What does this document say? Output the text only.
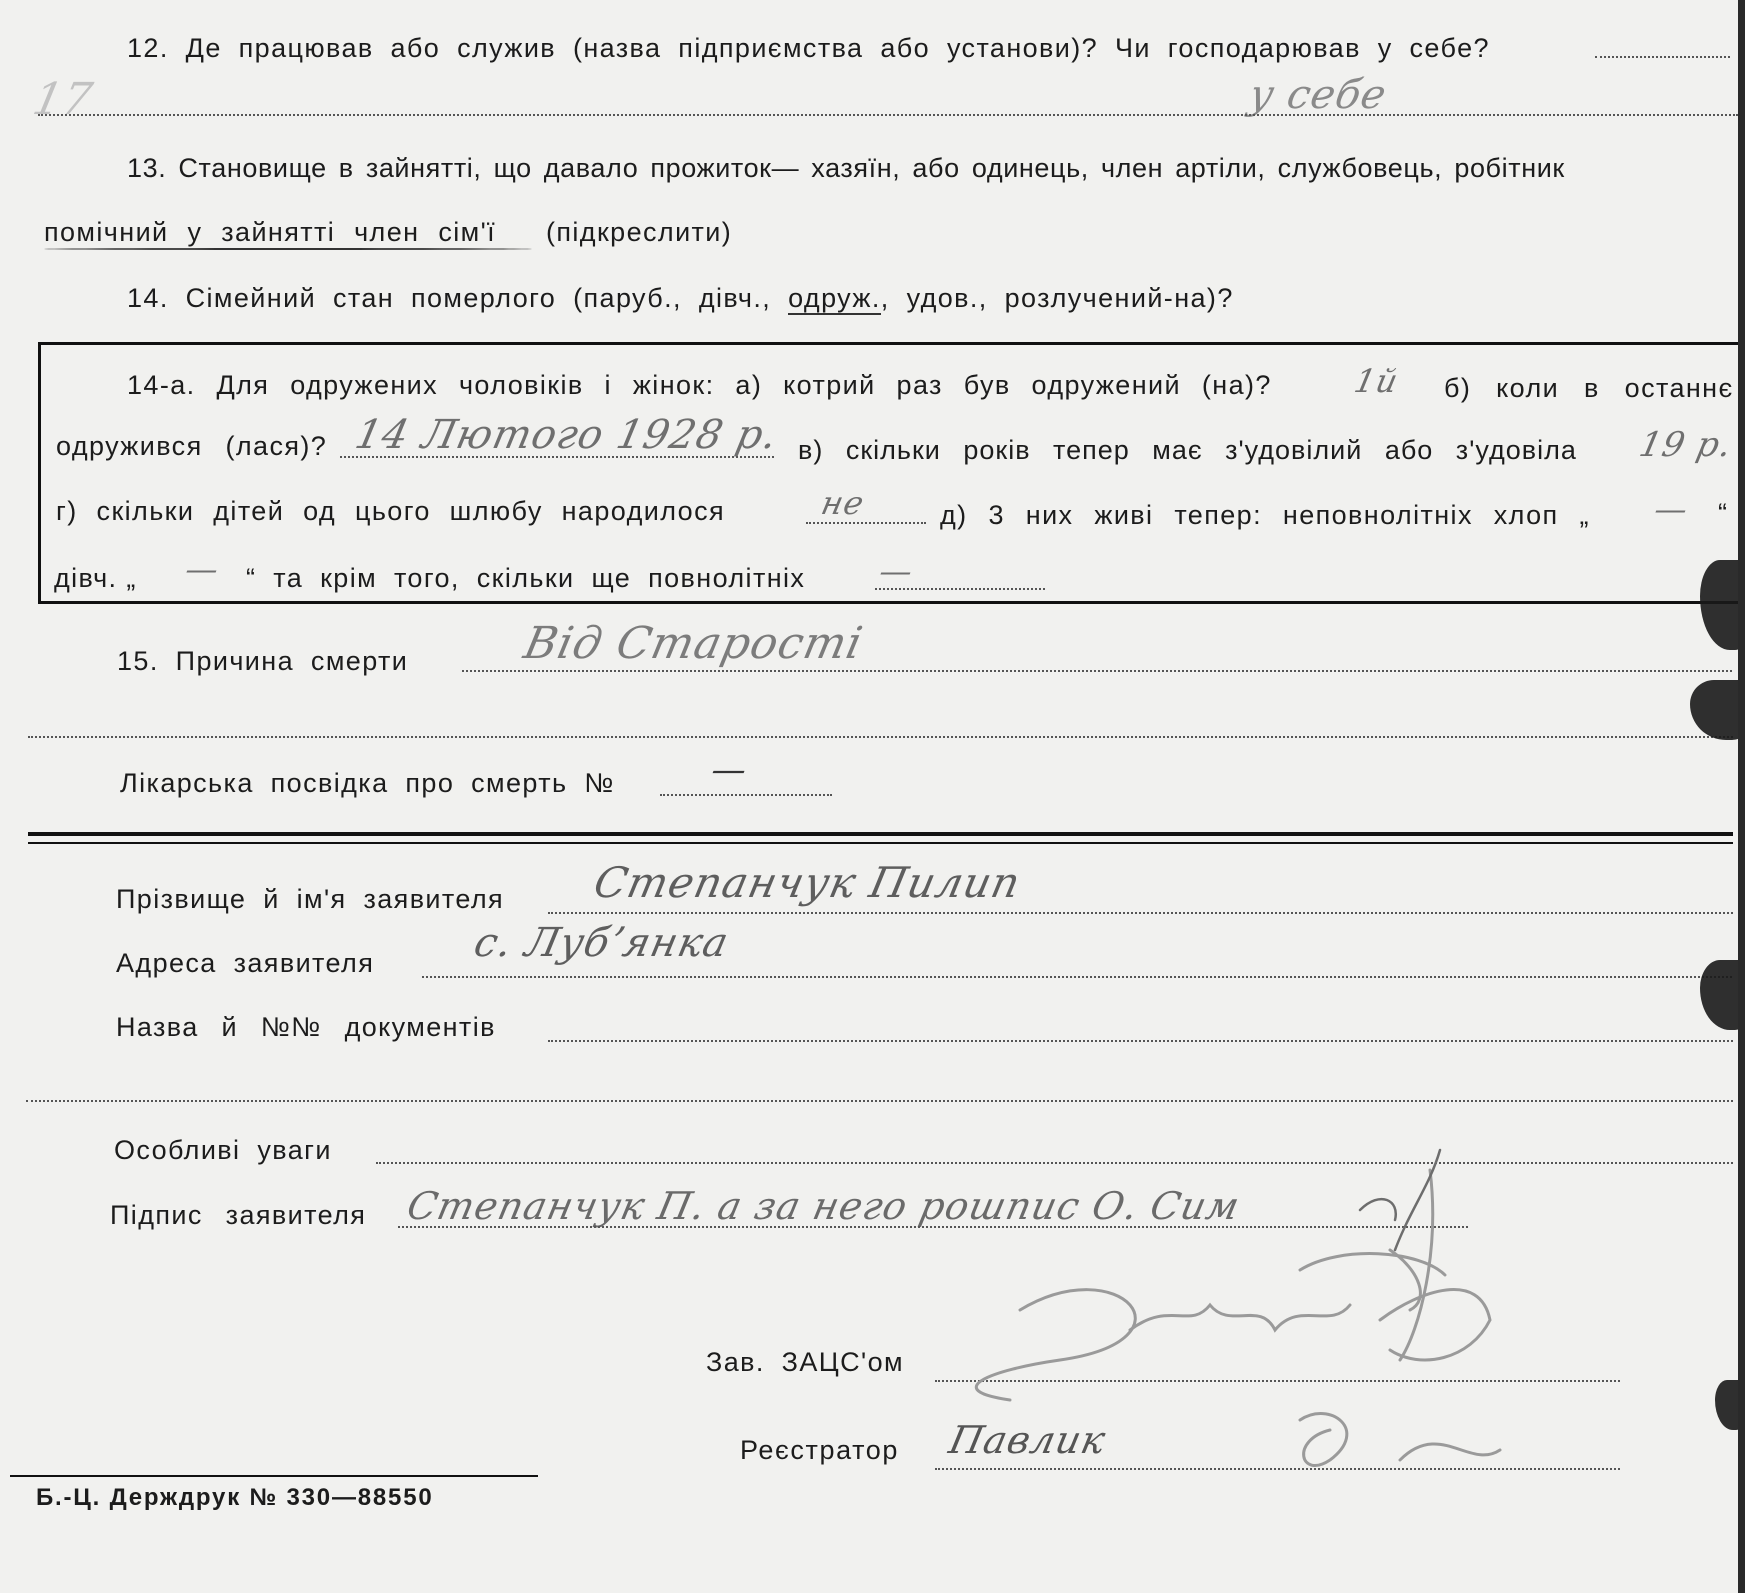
17
12. Де працював або служив (назва підприємства або установи)? Чи господарював у себе?
у себе
13. Становище в зайнятті, що давало прожиток— хазяїн, або одинець, член артіли, службовець, робітник
помічний у зайнятті член сім'ї (підкреслити)
14. Сімейний стан померлого (паруб., дівч., одруж., удов., розлучений-на)?
14-а. Для одружених чоловіків і жінок: а) котрий раз був одружений (на)? 1й б) коли в останнє
одружився (лася)? 14 Лютого 1928 р. в) скільки років тепер має з'удовілий або з'удовіла 19 р.
г) скільки дітей од цього шлюбу народилося	не	д) 3 них живі тепер: неповнолітніх хлоп „ — “
дівч. „ — “ та крім того, скільки ще повнолітніх —
15. Причина смерти	Від Старості
Лікарська посвідка про смерть №	—
Прізвище й ім'я заявителя Степанчук Пилип
Адреса заявителя с. Лубʼянка
Назва й №№ документів
Особливі уваги
Підпис заявителя Степанчук П. а за него рошпис О. Сим
Зав. ЗАЦС'ом
Реєстратор Павлик
Б.-Ц. Держдрук № 330—88550
